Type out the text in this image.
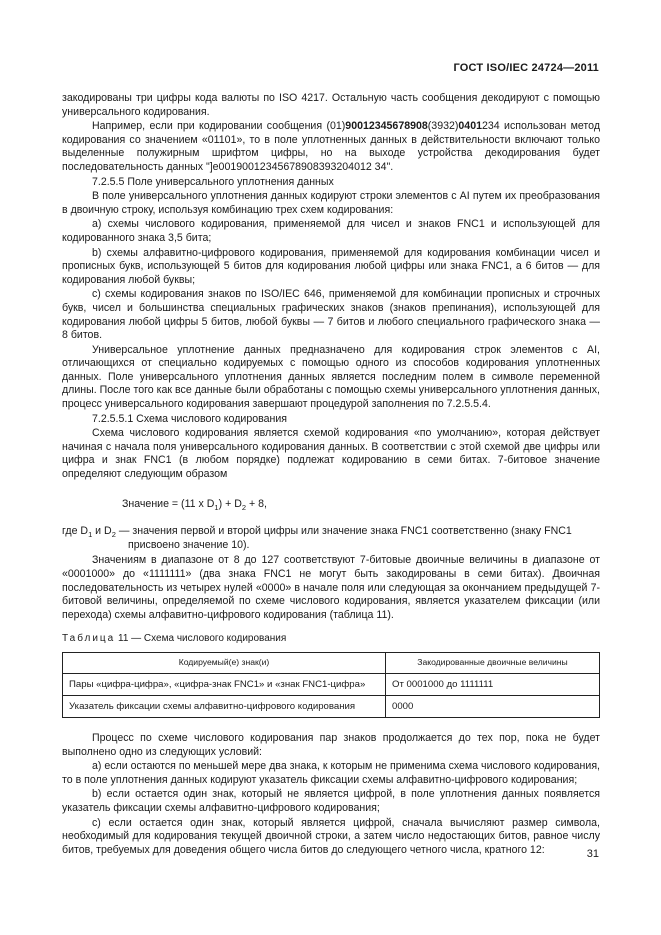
ГОСТ ISO/IEC 24724—2011

закодированы три цифры кода валюты по ISO 4217. Остальную часть сообщения декодируют с помощью универсального кодирования.

Например, если при кодировании сообщения (01)90012345678908(3932)0401234 использован метод кодирования со значением «01101», то в поле уплотненных данных в действительности включают только выделенные полужирным шрифтом цифры, но на выходе устройства декодирования будет последовательность данных "]e00190012345678908393204012 34".

7.2.5.5 Поле универсального уплотнения данных

В поле универсального уплотнения данных кодируют строки элементов с AI путем их преобразования в двоичную строку, используя комбинацию трех схем кодирования:

a) схемы числового кодирования, применяемой для чисел и знаков FNC1 и использующей для кодированного знака 3,5 бита;

b) схемы алфавитно-цифрового кодирования, применяемой для кодирования комбинации чисел и прописных букв, использующей 5 битов для кодирования любой цифры или знака FNC1, а 6 битов — для кодирования любой буквы;

c) схемы кодирования знаков по ISO/IEC 646, применяемой для комбинации прописных и строчных букв, чисел и большинства специальных графических знаков (знаков препинания), использующей для кодирования любой цифры 5 битов, любой буквы — 7 битов и любого специального графического знака — 8 битов.

Универсальное уплотнение данных предназначено для кодирования строк элементов с AI, отличающихся от специально кодируемых с помощью одного из способов кодирования уплотненных данных. Поле универсального уплотнения данных является последним полем в символе переменной длины. После того как все данные были обработаны с помощью схемы универсального уплотнения данных, процесс универсального кодирования завершают процедурой заполнения по 7.2.5.5.4.

7.2.5.5.1 Схема числового кодирования

Схема числового кодирования является схемой кодирования «по умолчанию», которая действует начиная с начала поля универсального кодирования данных. В соответствии с этой схемой две цифры или цифра и знак FNC1 (в любом порядке) подлежат кодированию в семи битах. 7-битовое значение определяют следующим образом

Значение = (11 x $D_1) + D_2 + 8$,

где $D_1$ и $D_2$ — значения первой и второй цифры или значение знака FNC1 соответственно (знаку FNC1
присвоено значение 10).

Значениям в диапазоне от 8 до 127 соответствуют 7-битовые двоичные величины в диапазоне от «0001000» до «1111111» (два знака FNC1 не могут быть закодированы в семи битах). Двоичная последовательность из четырех нулей «0000» в начале поля или следующая за окончанием предыдущей 7-битовой величины, определяемой по схеме числового кодирования, является указателем фиксации (или перехода) схемы алфавитно-цифрового кодирования (таблица 11).

Таблица 11 — Схема числового кодирования

Кодируемый(е) знак(и)	Закодированные двоичные величины
Пары «цифра-цифра», «цифра-знак FNC1» и «знак FNC1-цифра»	От 0001000 до 1111111
Указатель фиксации схемы алфавитно-цифрового кодирования	0000

Процесс по схеме числового кодирования пар знаков продолжается до тех пор, пока не будет выполнено одно из следующих условий:

a) если остаются по меньшей мере два знака, к которым не применима схема числового кодирования, то в поле уплотнения данных кодируют указатель фиксации схемы алфавитно-цифрового кодирования;

b) если остается один знак, который не является цифрой, в поле уплотнения данных появляется указатель фиксации схемы алфавитно-цифрового кодирования;

c) если остается один знак, который является цифрой, сначала вычисляют размер символа, необходимый для кодирования текущей двоичной строки, а затем число недостающих битов, равное числу битов, требуемых для доведения общего числа битов до следующего четного числа, кратного 12:	31
